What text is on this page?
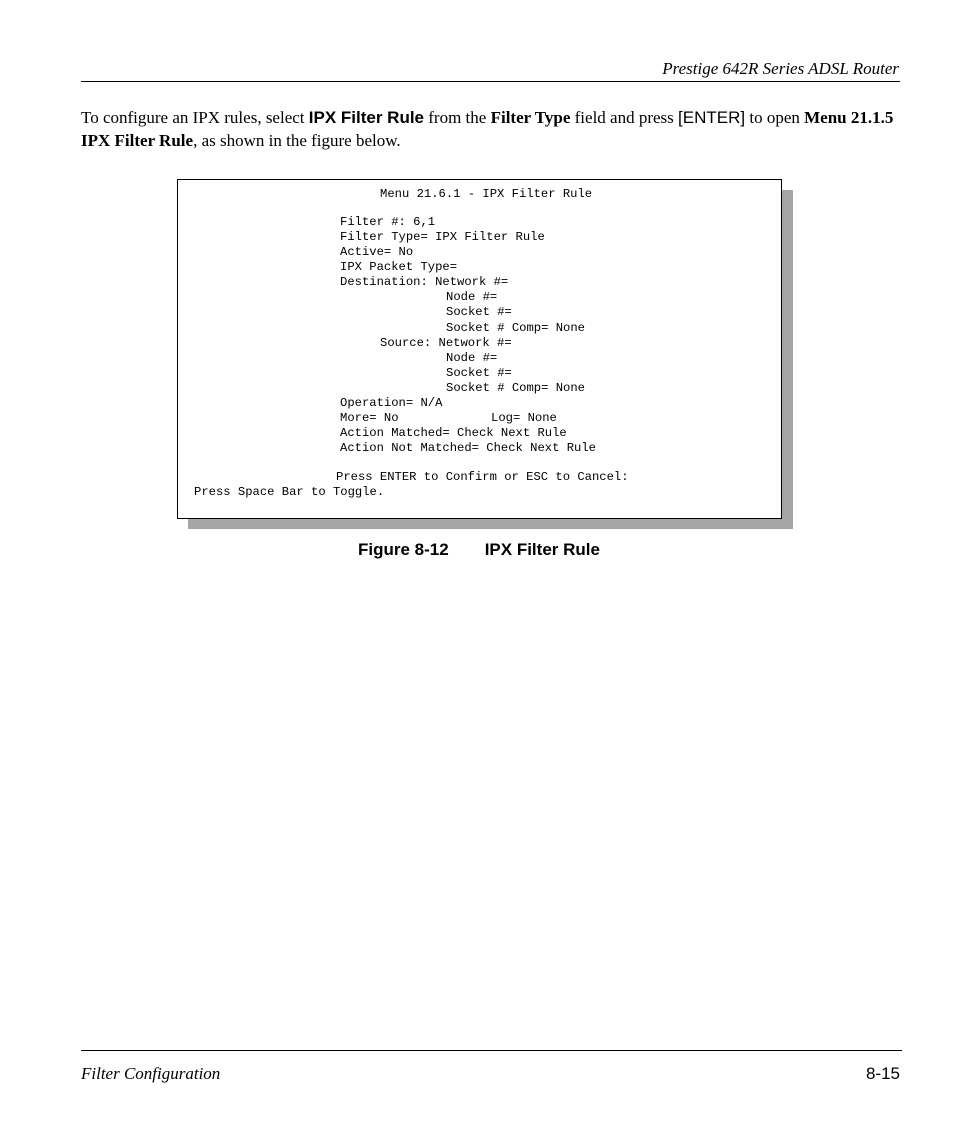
Prestige 642R Series ADSL Router
To configure an IPX rules, select IPX Filter Rule from the Filter Type field and press [ENTER] to open Menu 21.1.5 IPX Filter Rule, as shown in the figure below.
Menu 21.6.1 - IPX Filter Rule
Filter #: 6,1
Filter Type= IPX Filter Rule
Active= No
IPX Packet Type=
Destination: Network #=
Node #=
Socket #=
Socket # Comp= None
Source: Network #=
Node #=
Socket #=
Socket # Comp= None
Operation= N/A
More= No	Log= None
Action Matched= Check Next Rule
Action Not Matched= Check Next Rule
Press ENTER to Confirm or ESC to Cancel:
Press Space Bar to Toggle.
Figure 8-12 IPX Filter Rule
Filter Configuration	8-15
